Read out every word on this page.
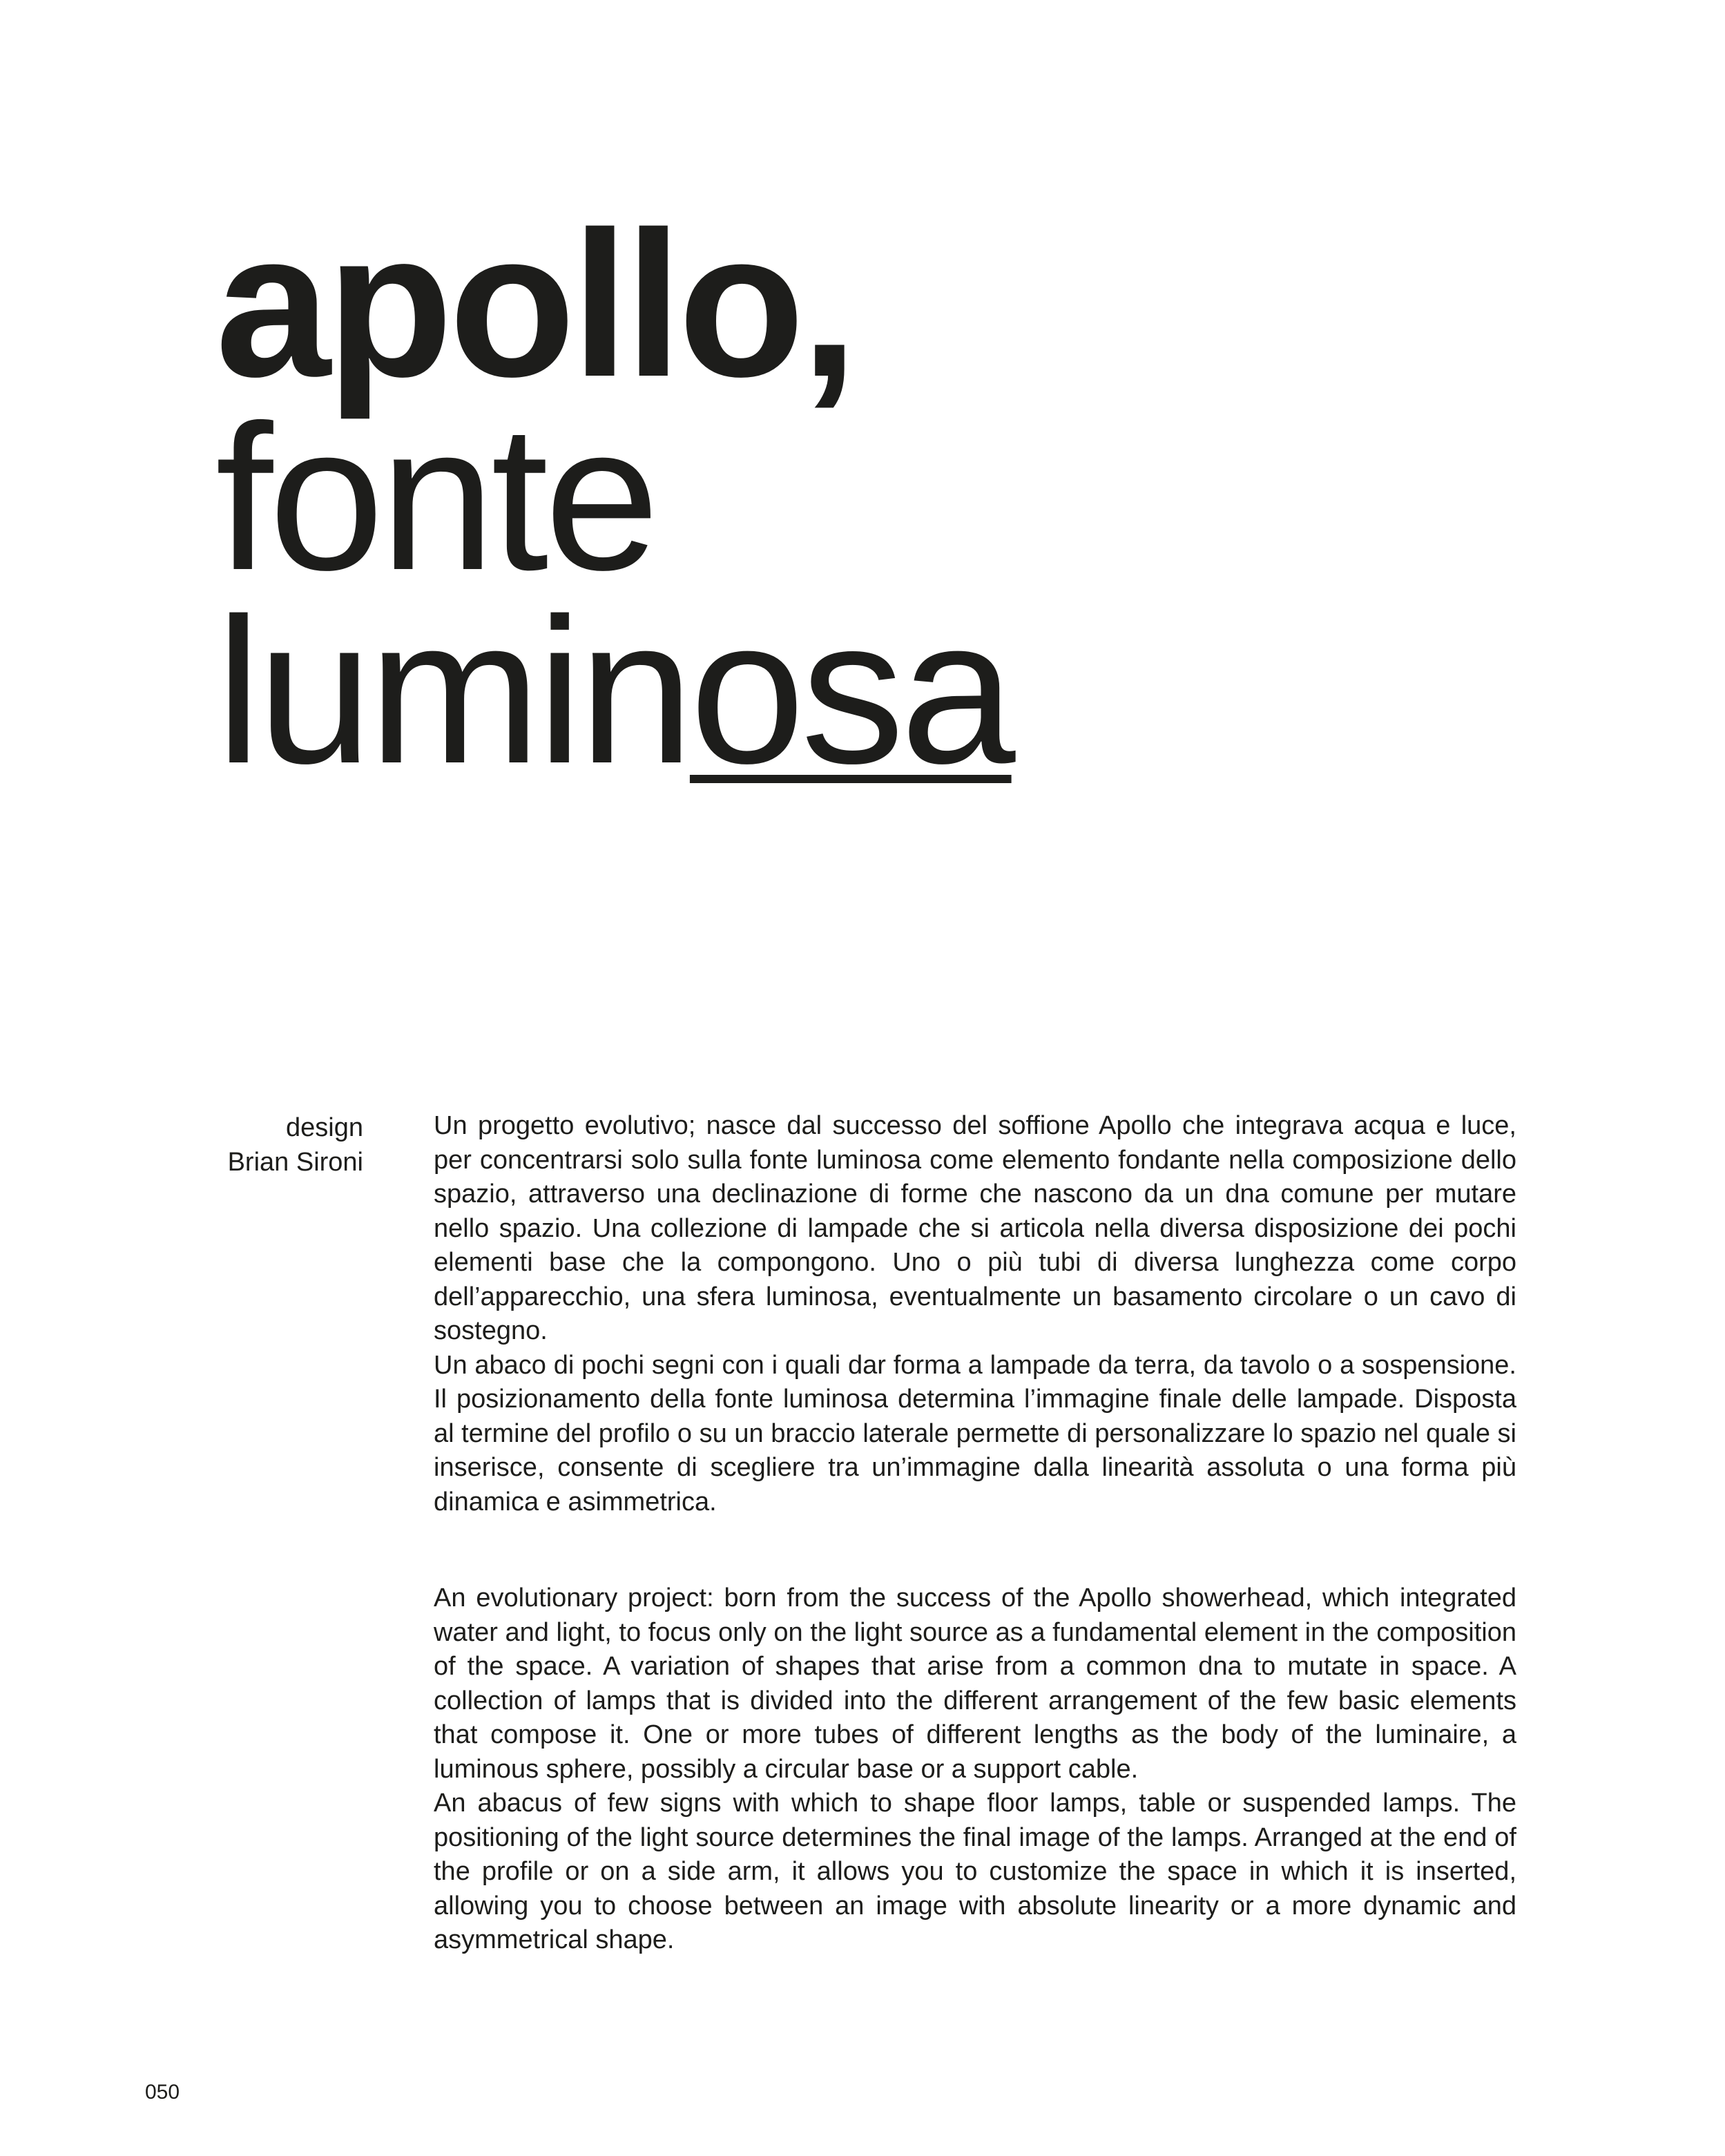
apollo,
fonte
luminosa
design
Brian Sironi

Un progetto evolutivo; nasce dal successo del soffione Apollo che integrava acqua e luce, per concentrarsi solo sulla fonte luminosa come elemento fondante nella composizione dello spazio, attraverso una declinazione di forme che nascono da un dna comune per mutare nello spazio. Una collezione di lampade che si articola nella diversa disposizione dei pochi elementi base che la compongono. Uno o più tubi di diversa lunghezza come corpo dell’apparecchio, una sfera luminosa, eventualmente un basamento circolare o un cavo di sostegno.

Un abaco di pochi segni con i quali dar forma a lampade da terra, da tavolo o a sospensione. Il posizionamento della fonte luminosa determina l’immagine finale delle lampade. Disposta al termine del profilo o su un braccio laterale permette di personalizzare lo spazio nel quale si inserisce, consente di scegliere tra un’immagine dalla linearità assoluta o una forma più dinamica e asimmetrica.

An evolutionary project: born from the success of the Apollo showerhead, which integrated water and light, to focus only on the light source as a fundamental element in the composition of the space. A variation of shapes that arise from a common dna to mutate in space. A collection of lamps that is divided into the different arrangement of the few basic elements that compose it. One or more tubes of different lengths as the body of the luminaire, a luminous sphere, possibly a circular base or a support cable.

An abacus of few signs with which to shape floor lamps, table or suspended lamps. The positioning of the light source determines the final image of the lamps. Arranged at the end of the profile or on a side arm, it allows you to customize the space in which it is inserted, allowing you to choose between an image with absolute linearity or a more dynamic and asymmetrical shape.

050
